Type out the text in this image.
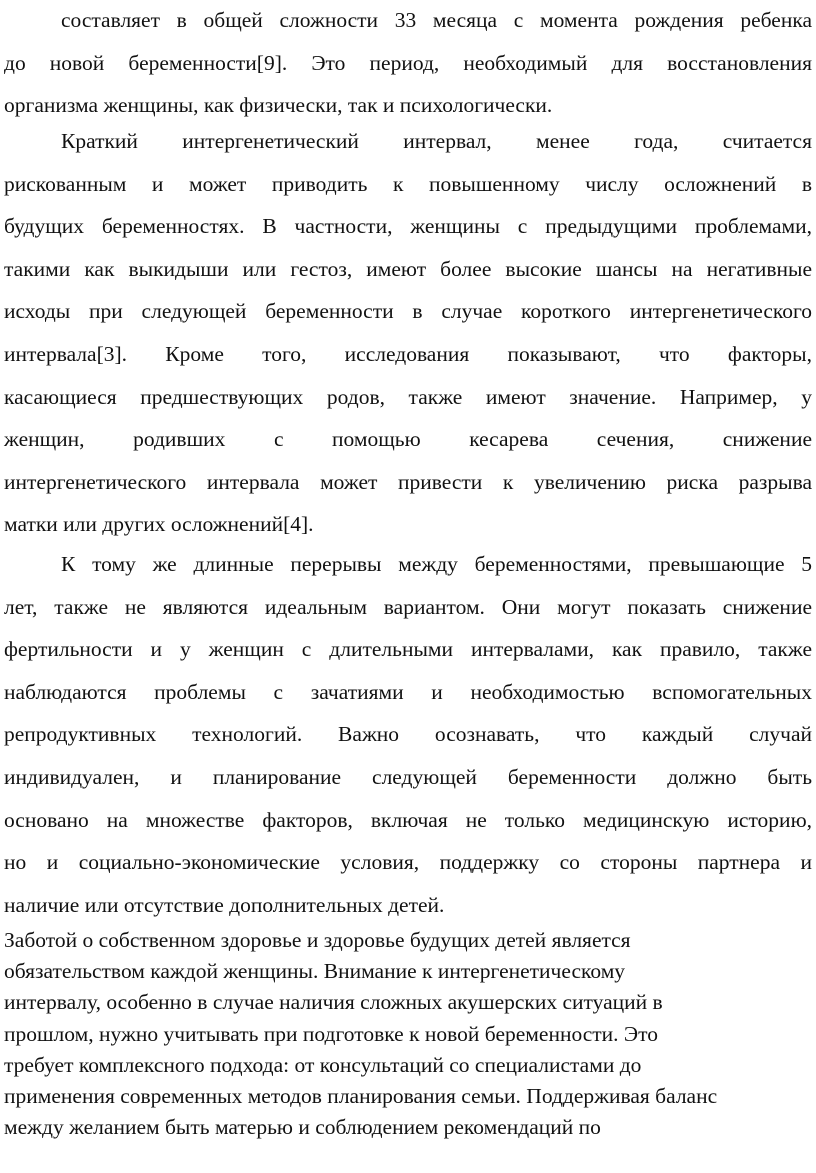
составляет в общей сложности 33 месяца с момента рождения ребенка
до новой беременности[9]. Это период, необходимый для восстановления
организма женщины, как физически, так и психологически.

Краткий интергенетический интервал, менее года, считается
рискованным и может приводить к повышенному числу осложнений в
будущих беременностях. В частности, женщины с предыдущими проблемами,
такими как выкидыши или гестоз, имеют более высокие шансы на негативные
исходы при следующей беременности в случае короткого интергенетического
интервала[3]. Кроме того, исследования показывают, что факторы,
касающиеся предшествующих родов, также имеют значение. Например, у
женщин, родивших с помощью кесарева сечения, снижение
интергенетического интервала может привести к увеличению риска разрыва
матки или других осложнений[4].

К тому же длинные перерывы между беременностями, превышающие 5
лет, также не являются идеальным вариантом. Они могут показать снижение
фертильности и у женщин с длительными интервалами, как правило, также
наблюдаются проблемы с зачатиями и необходимостью вспомогательных
репродуктивных технологий. Важно осознавать, что каждый случай
индивидуален, и планирование следующей беременности должно быть
основано на множестве факторов, включая не только медицинскую историю,
но и социально-экономические условия, поддержку со стороны партнера и
наличие или отсутствие дополнительных детей.

Заботой о собственном здоровье и здоровье будущих детей является
обязательством каждой женщины. Внимание к интергенетическому
интервалу, особенно в случае наличия сложных акушерских ситуаций в
прошлом, нужно учитывать при подготовке к новой беременности. Это
требует комплексного подхода: от консультаций со специалистами до
применения современных методов планирования семьи. Поддерживая баланс
между желанием быть матерью и соблюдением рекомендаций по
